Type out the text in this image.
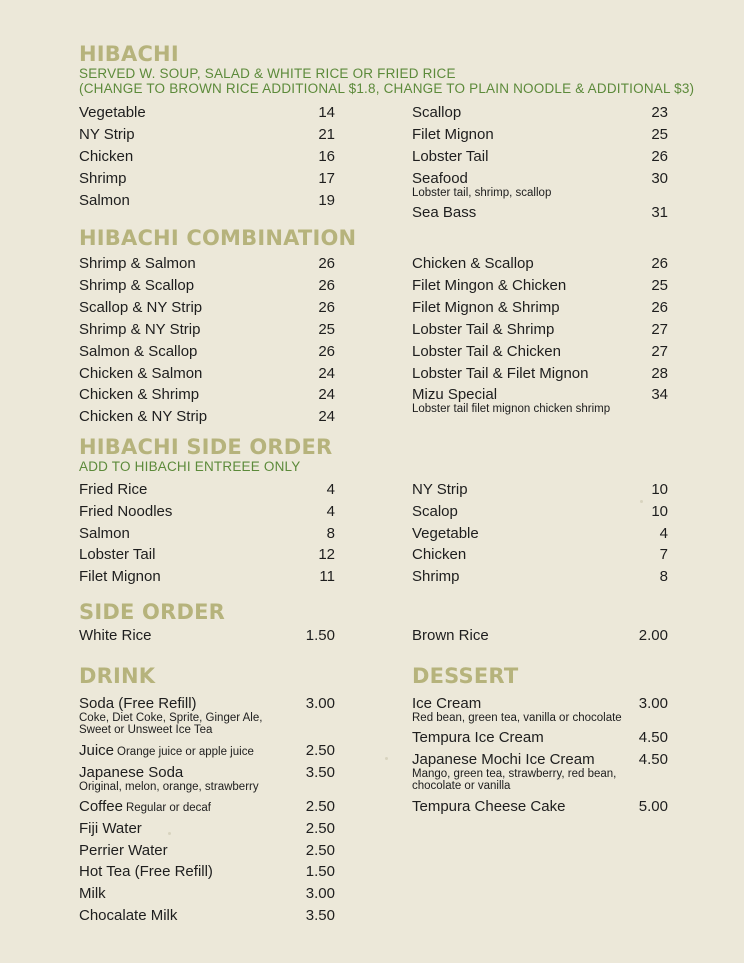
HIBACHI
SERVED W. SOUP, SALAD & WHITE RICE OR FRIED RICE
(CHANGE TO BROWN RICE ADDITIONAL $1.8, CHANGE TO PLAIN NOODLE & ADDITIONAL $3)
Vegetable	14
NY Strip	21
Chicken	16
Shrimp	17
Salmon	19
Scallop	23
Filet Mignon	25
Lobster Tail	26
Seafood	30
Lobster tail, shrimp, scallop
Sea Bass	31
HIBACHI COMBINATION
Shrimp & Salmon	26
Shrimp & Scallop	26
Scallop & NY Strip	26
Shrimp & NY Strip	25
Salmon & Scallop	26
Chicken & Salmon	24
Chicken & Shrimp	24
Chicken & NY Strip	24
Chicken & Scallop	26
Filet Mingon & Chicken	25
Filet Mignon & Shrimp	26
Lobster Tail & Shrimp	27
Lobster Tail & Chicken	27
Lobster Tail & Filet Mignon	28
Mizu Special	34
Lobster tail filet mignon chicken shrimp
HIBACHI SIDE ORDER
ADD TO HIBACHI ENTREEE ONLY
Fried Rice	4
Fried Noodles	4
Salmon	8
Lobster Tail	12
Filet Mignon	11
NY Strip	10
Scalop	10
Vegetable	4
Chicken	7
Shrimp	8
SIDE ORDER
White Rice	1.50	Brown Rice	2.00
DRINK
Soda (Free Refill)	3.00
Coke, Diet Coke, Sprite, Ginger Ale,
Sweet or Unsweet Ice Tea
Juice Orange juice or apple juice	2.50
Japanese Soda	3.50
Original, melon, orange, strawberry
Coffee Regular or decaf	2.50
Fiji Water	2.50
Perrier Water	2.50
Hot Tea (Free Refill)	1.50
Milk	3.00
Chocalate Milk	3.50
DESSERT
Ice Cream	3.00
Red bean, green tea, vanilla or chocolate
Tempura Ice Cream	4.50
Japanese Mochi Ice Cream	4.50
Mango, green tea, strawberry, red bean,
chocolate or vanilla
Tempura Cheese Cake	5.00
